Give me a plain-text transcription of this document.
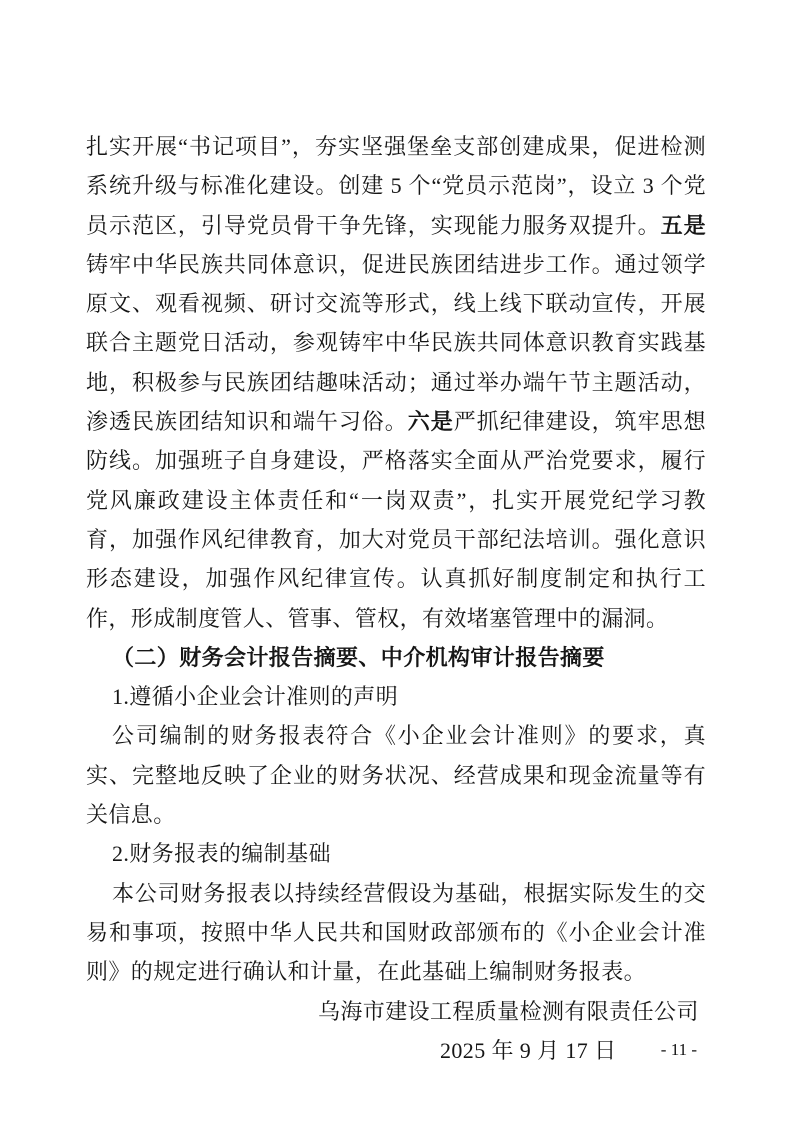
扎实开展“书记项目”，夯实坚强堡垒支部创建成果，促进检测系统升级与标准化建设。创建 5 个“党员示范岗”，设立 3 个党员示范区，引导党员骨干争先锋，实现能力服务双提升。五是铸牢中华民族共同体意识，促进民族团结进步工作。通过领学原文、观看视频、研讨交流等形式，线上线下联动宣传，开展联合主题党日活动，参观铸牢中华民族共同体意识教育实践基地，积极参与民族团结趣味活动；通过举办端午节主题活动，渗透民族团结知识和端午习俗。六是严抓纪律建设，筑牢思想防线。加强班子自身建设，严格落实全面从严治党要求，履行党风廉政建设主体责任和“一岗双责”，扎实开展党纪学习教育，加强作风纪律教育，加大对党员干部纪法培训。强化意识形态建设，加强作风纪律宣传。认真抓好制度制定和执行工作，形成制度管人、管事、管权，有效堵塞管理中的漏洞。

（二）财务会计报告摘要、中介机构审计报告摘要

1.遵循小企业会计准则的声明

公司编制的财务报表符合《小企业会计准则》的要求，真实、完整地反映了企业的财务状况、经营成果和现金流量等有关信息。

2.财务报表的编制基础

本公司财务报表以持续经营假设为基础，根据实际发生的交易和事项，按照中华人民共和国财政部颁布的《小企业会计准则》的规定进行确认和计量，在此基础上编制财务报表。

乌海市建设工程质量检测有限责任公司

2025 年 9 月 17 日	- 11 -
